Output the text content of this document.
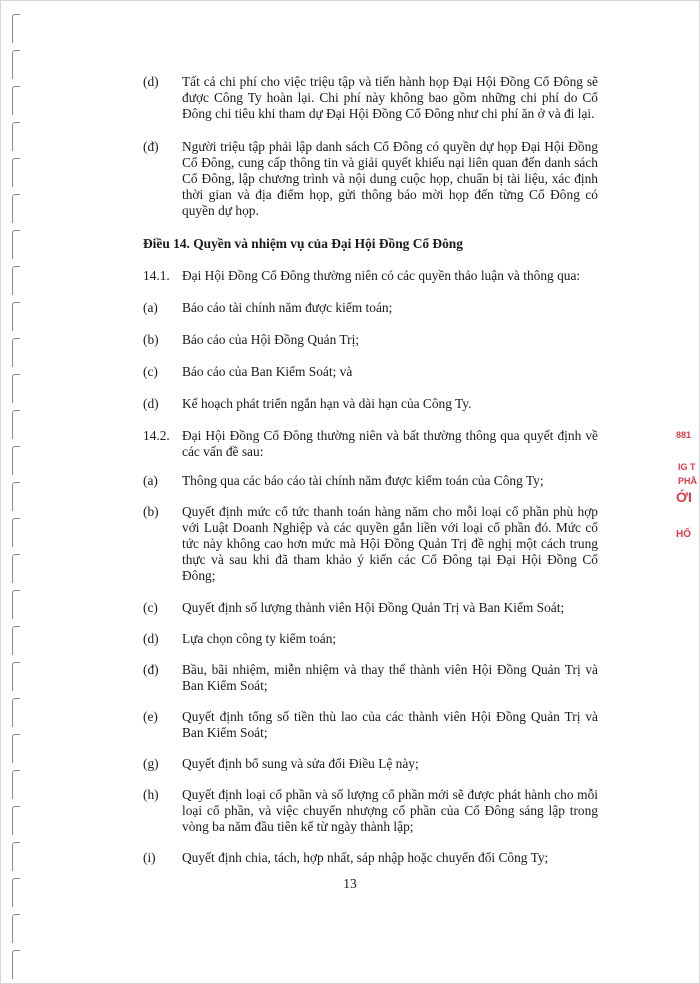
(d)	Tất cả chi phí cho việc triệu tập và tiến hành họp Đại Hội Đồng Cổ Đông sẽ được Công Ty hoàn lại. Chi phí này không bao gồm những chi phí do Cổ Đông chi tiêu khi tham dự Đại Hội Đồng Cổ Đông như chi phí ăn ở và đi lại.
(đ)	Người triệu tập phải lập danh sách Cổ Đông có quyền dự họp Đại Hội Đồng Cổ Đông, cung cấp thông tin và giải quyết khiếu nại liên quan đến danh sách Cổ Đông, lập chương trình và nội dung cuộc họp, chuẩn bị tài liệu, xác định thời gian và địa điểm họp, gửi thông báo mời họp đến từng Cổ Đông có quyền dự họp.
Điều 14. Quyền và nhiệm vụ của Đại Hội Đồng Cổ Đông
14.1. Đại Hội Đồng Cổ Đông thường niên có các quyền thảo luận và thông qua:
(a)	Báo cáo tài chính năm được kiểm toán;
(b)	Báo cáo của Hội Đồng Quản Trị;
(c)	Báo cáo của Ban Kiểm Soát; và
(d)	Kế hoạch phát triển ngắn hạn và dài hạn của Công Ty.
14.2. Đại Hội Đồng Cổ Đông thường niên và bất thường thông qua quyết định về các vấn đề sau:
(a)	Thông qua các báo cáo tài chính năm được kiểm toán của Công Ty;
(b)	Quyết định mức cổ tức thanh toán hàng năm cho mỗi loại cổ phần phù hợp với Luật Doanh Nghiệp và các quyền gắn liền với loại cổ phần đó. Mức cổ tức này không cao hơn mức mà Hội Đồng Quản Trị đề nghị một cách trung thực và sau khi đã tham khảo ý kiến các Cổ Đông tại Đại Hội Đồng Cổ Đông;
(c)	Quyết định số lượng thành viên Hội Đồng Quản Trị và Ban Kiểm Soát;
(d)	Lựa chọn công ty kiểm toán;
(đ)	Bầu, bãi nhiệm, miễn nhiệm và thay thế thành viên Hội Đồng Quản Trị và Ban Kiểm Soát;
(e)	Quyết định tổng số tiền thù lao của các thành viên Hội Đồng Quản Trị và Ban Kiểm Soát;
(g)	Quyết định bổ sung và sửa đổi Điều Lệ này;
(h)	Quyết định loại cổ phần và số lượng cổ phần mới sẽ được phát hành cho mỗi loại cổ phần, và việc chuyển nhượng cổ phần của Cổ Đông sáng lập trong vòng ba năm đầu tiên kể từ ngày thành lập;
(i)	Quyết định chia, tách, hợp nhất, sáp nhập hoặc chuyển đổi Công Ty;
881
IG T
PHẦ
ỚI
HỐ
13
